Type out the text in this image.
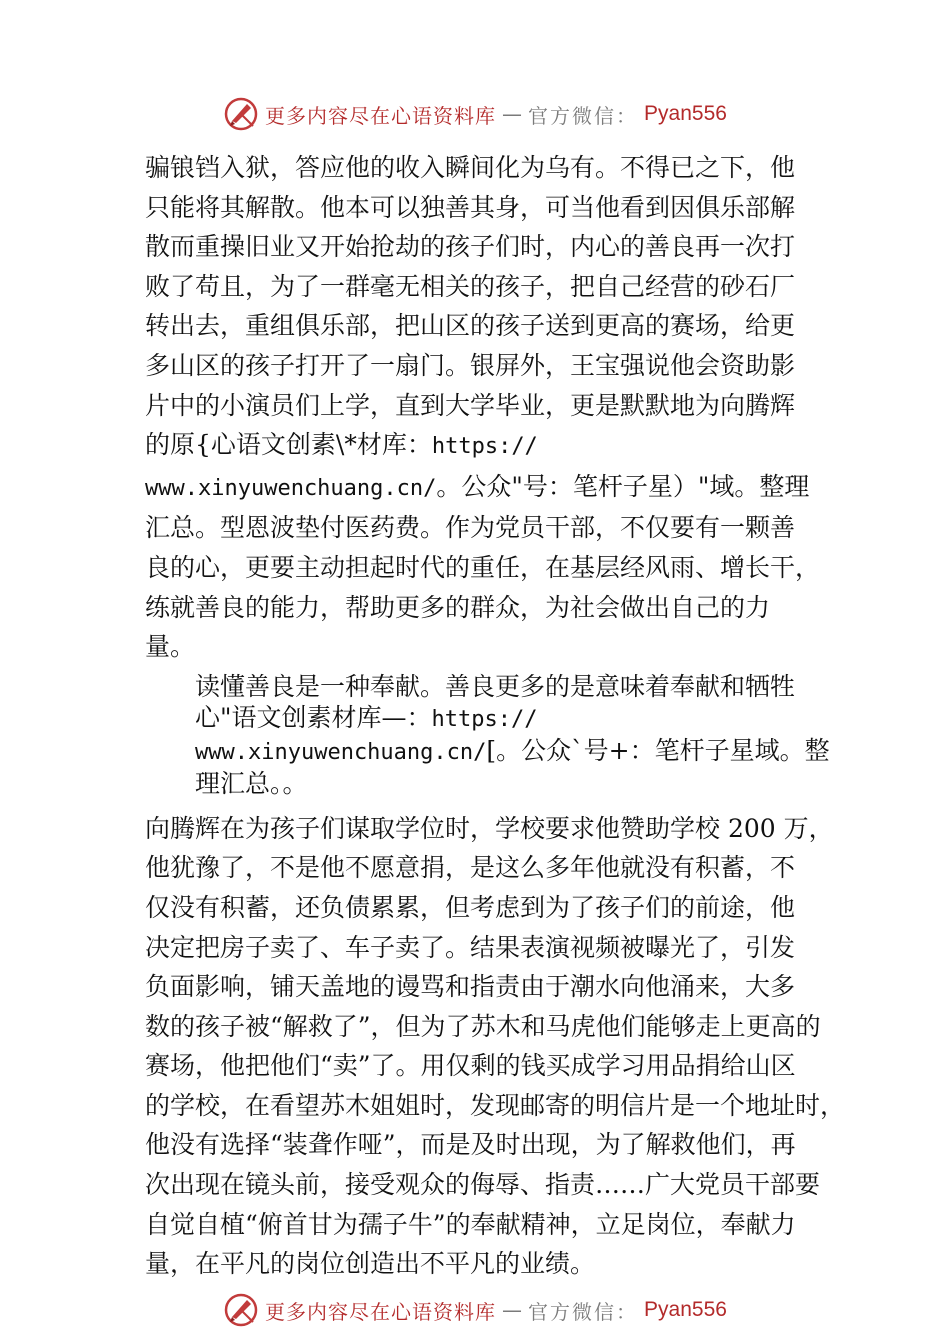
更多内容尽在心语资料库 — 官方微信： Pyan556
骗锒铛入狱，答应他的收入瞬间化为乌有。不得已之下，他
只能将其解散。他本可以独善其身，可当他看到因俱乐部解
散而重操旧业又开始抢劫的孩子们时，内心的善良再一次打
败了苟且，为了一群毫无相关的孩子，把自己经营的砂石厂
转出去，重组俱乐部，把山区的孩子送到更高的赛场，给更
多山区的孩子打开了一扇门。银屏外，王宝强说他会资助影
片中的小演员们上学，直到大学毕业，更是默默地为向腾辉
的原{心语文创素\*材库：https://
www.xinyuwenchuang.cn/。公众"号：笔杆子星）"域。整理
汇总。型恩波垫付医药费。作为党员干部，不仅要有一颗善
良的心，更要主动担起时代的重任，在基层经风雨、增长干，
练就善良的能力，帮助更多的群众，为社会做出自己的力
量。
读懂善良是一种奉献。善良更多的是意味着奉献和牺牲
心"语文创素材库—：https://
www.xinyuwenchuang.cn/[。公众`号+：笔杆子星域。整
理汇总。。
向腾辉在为孩子们谋取学位时，学校要求他赞助学校 200 万，
他犹豫了，不是他不愿意捐，是这么多年他就没有积蓄，不
仅没有积蓄，还负债累累，但考虑到为了孩子们的前途，他
决定把房子卖了、车子卖了。结果表演视频被曝光了，引发
负面影响，铺天盖地的谩骂和指责由于潮水向他涌来，大多
数的孩子被“解救了”，但为了苏木和马虎他们能够走上更高的
赛场，他把他们“卖”了。用仅剩的钱买成学习用品捐给山区
的学校，在看望苏木姐姐时，发现邮寄的明信片是一个地址时，
他没有选择“装聋作哑”，而是及时出现，为了解救他们，再
次出现在镜头前，接受观众的侮辱、指责……广大党员干部要
自觉⾃植“俯首甘为孺子牛”的奉献精神，立足岗位，奉献力
量，在平凡的岗位创造出不平凡的业绩。
更多内容尽在心语资料库 — 官方微信： Pyan556
